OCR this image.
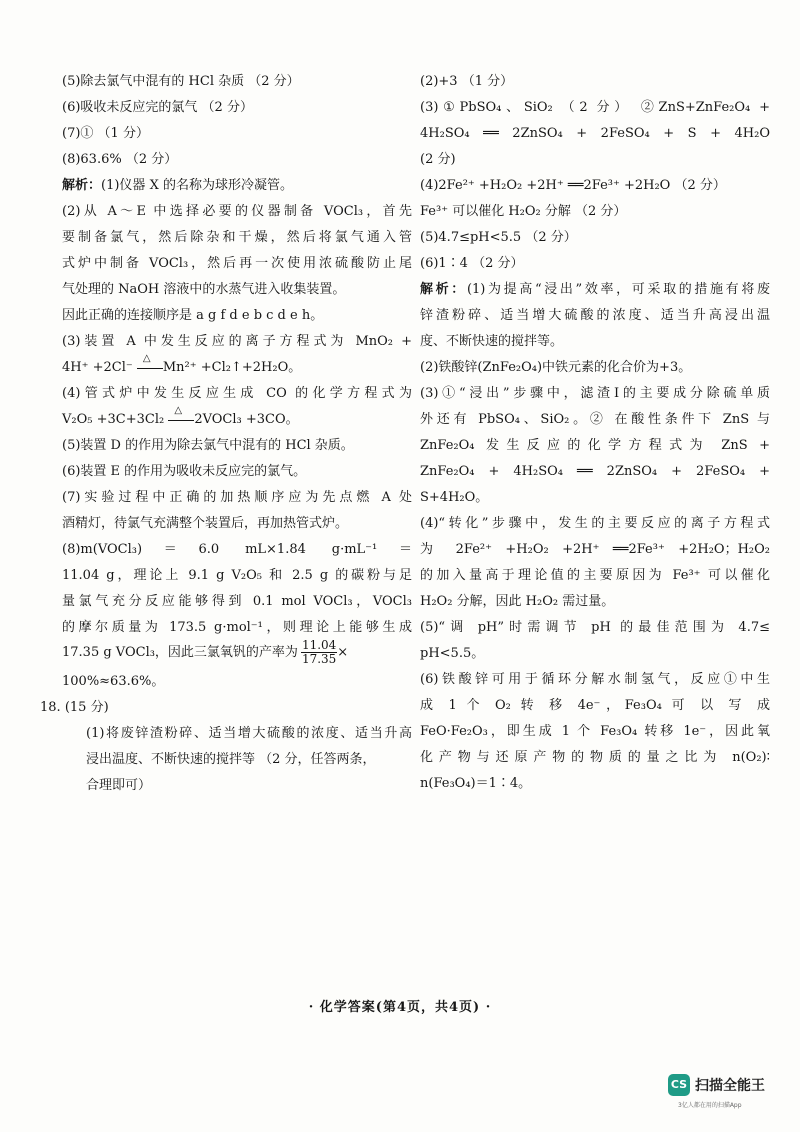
(5)除去氯气中混有的 HCl 杂质 （2 分）
(6)吸收未反应完的氯气 （2 分）
(7)① （1 分）
(8)63.6% （2 分）
解析：(1)仪器 X 的名称为球形冷凝管。
(2)从 A～E 中选择必要的仪器制备 VOCl₃，首先
要制备氯气，然后除杂和干燥，然后将氯气通入管
式炉中制备 VOCl₃，然后再一次使用浓硫酸防止尾
气处理的 NaOH 溶液中的水蒸气进入收集装置。
因此正确的连接顺序是 a g f d e b c d e h。
(3)装置 A 中发生反应的离子方程式为 MnO₂ +
4H⁺ +2Cl⁻ △ Mn²⁺ +Cl₂↑+2H₂O。
(4)管式炉中发生反应生成 CO 的化学方程式为
V₂O₅ +3C+3Cl₂ △ 2VOCl₃ +3CO。
(5)装置 D 的作用为除去氯气中混有的 HCl 杂质。
(6)装置 E 的作用为吸收未反应完的氯气。
(7)实验过程中正确的加热顺序应为先点燃 A 处
酒精灯，待氯气充满整个装置后，再加热管式炉。
(8)m(VOCl₃)＝6.0 mL×1.84 g·mL⁻¹＝
11.04 g，理论上 9.1 g V₂O₅ 和 2.5 g 的碳粉与足
量氯气充分反应能够得到 0.1 mol VOCl₃，VOCl₃
的摩尔质量为 173.5 g·mol⁻¹，则理论上能够生成
17.35 g VOCl₃，因此三氯氧钒的产率为 $\frac{11.04}{17.35}$ ×
100%≈63.6%。
18. (15 分)
(1)将废锌渣粉碎、适当增大硫酸的浓度、适当升高
浸出温度、不断快速的搅拌等 （2 分，任答两条，
合理即可）
(2)+3 （1 分）
(3)①PbSO₄、SiO₂ （2 分） ②ZnS+ZnFe₂O₄ +
4H₂SO₄ ══ 2ZnSO₄ + 2FeSO₄ + S + 4H₂O
(2 分)
(4)2Fe²⁺ +H₂O₂ +2H⁺ ══2Fe³⁺ +2H₂O （2 分）
Fe³⁺ 可以催化 H₂O₂ 分解 （2 分）
(5)4.7≤pH<5.5 （2 分）
(6)1∶4 （2 分）
解析：(1)为提高“浸出”效率，可采取的措施有将废
锌渣粉碎、适当增大硫酸的浓度、适当升高浸出温
度、不断快速的搅拌等。
(2)铁酸锌(ZnFe₂O₄)中铁元素的化合价为+3。
(3)①“浸出”步骤中，滤渣Ⅰ的主要成分除硫单质
外还有 PbSO₄、SiO₂。② 在酸性条件下 ZnS 与
ZnFe₂O₄ 发生反应的化学方程式为 ZnS +
ZnFe₂O₄ + 4H₂SO₄ ══ 2ZnSO₄ + 2FeSO₄ +
S+4H₂O。
(4)“转化”步骤中，发生的主要反应的离子方程式
为 2Fe²⁺ +H₂O₂ +2H⁺ ══2Fe³⁺ +2H₂O；H₂O₂
的加入量高于理论值的主要原因为 Fe³⁺ 可以催化
H₂O₂ 分解，因此 H₂O₂ 需过量。
(5)“调 pH”时需调节 pH 的最佳范围为 4.7≤
pH<5.5。
(6)铁酸锌可用于循环分解水制氢气，反应①中生
成 1 个 O₂ 转 移 4e⁻，Fe₃O₄ 可 以 写 成
FeO·Fe₂O₃，即生成 1 个 Fe₃O₄ 转移 1e⁻，因此氧
化产物与还原产物的物质的量之比为 n(O₂)∶
n(Fe₃O₄)＝1∶4。
· 化学答案(第4页，共4页) ·
CS 扫描全能王
3亿人都在用的扫描App
